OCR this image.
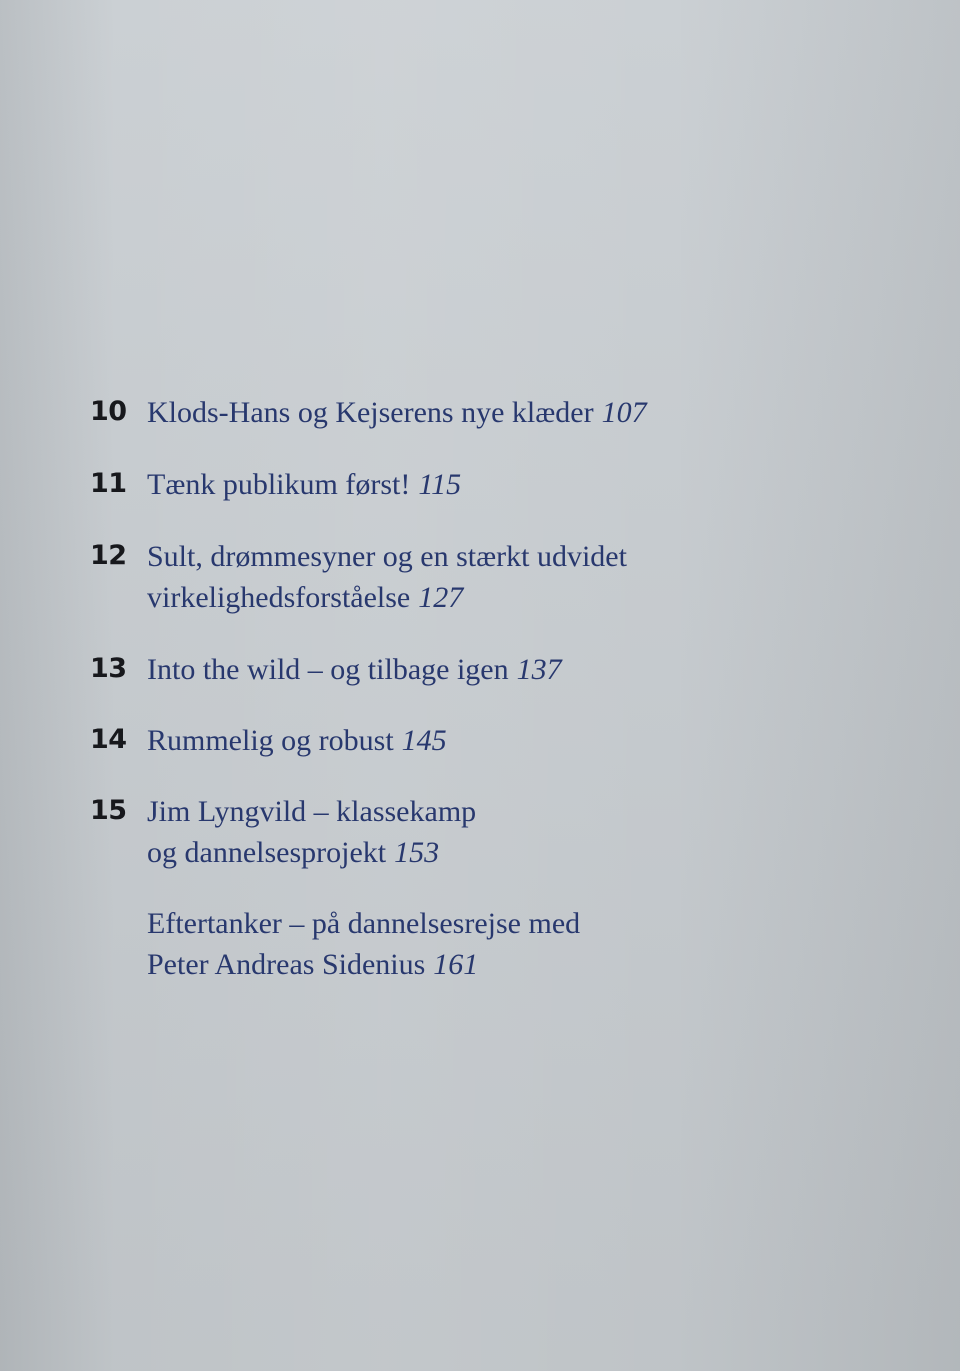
10 Klods-Hans og Kejserens nye klæder 107
11 Tænk publikum først! 115
12 Sult, drømmesyner og en stærkt udvidet
virkelighedsforståelse 127
13 Into the wild – og tilbage igen 137
14 Rummelig og robust 145
15 Jim Lyngvild – klassekamp
og dannelsesprojekt 153
Eftertanker – på dannelsesrejse med
Peter Andreas Sidenius 161
